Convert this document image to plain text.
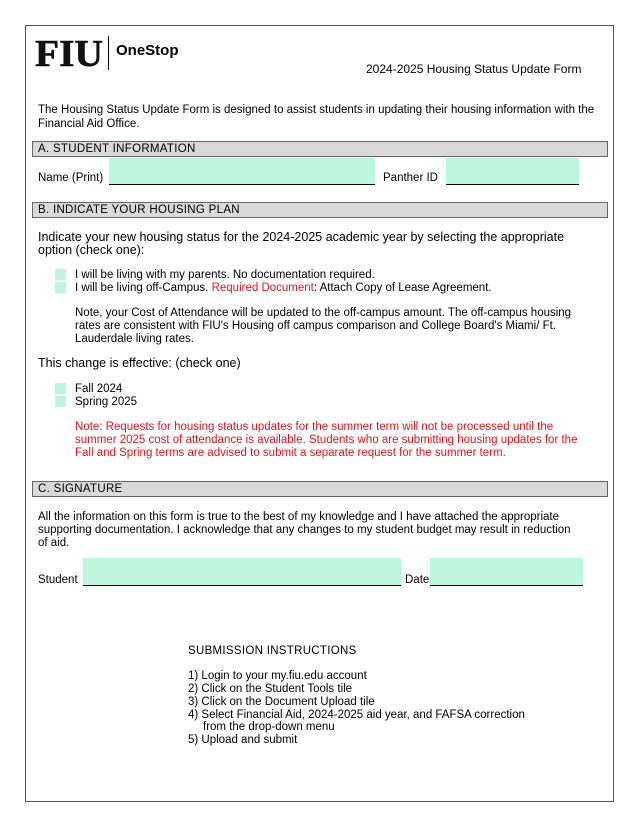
FIU OneStop
2024-2025 Housing Status Update Form
The Housing Status Update Form is designed to assist students in updating their housing information with the Financial Aid Office.
A. STUDENT INFORMATION
Name (Print)	Panther ID
B. INDICATE YOUR HOUSING PLAN
Indicate your new housing status for the 2024-2025 academic year by selecting the appropriate
option (check one):
I will be living with my parents. No documentation required.
I will be living off-Campus. Required Document: Attach Copy of Lease Agreement.
Note, your Cost of Attendance will be updated to the off-campus amount. The off-campus housing
rates are consistent with FIU's Housing off campus comparison and College Board's Miami/ Ft.
Lauderdale living rates.
This change is effective: (check one)
Fall 2024
Spring 2025
Note: Requests for housing status updates for the summer term will not be processed until the
summer 2025 cost of attendance is available. Students who are submitting housing updates for the
Fall and Spring terms are advised to submit a separate request for the summer term.
C. SIGNATURE
All the information on this form is true to the best of my knowledge and I have attached the appropriate
supporting documentation. I acknowledge that any changes to my student budget may result in reduction
of aid.
Student	Date
SUBMISSION INSTRUCTIONS
1) Login to your my.fiu.edu account
2) Click on the Student Tools tile
3) Click on the Document Upload tile
4) Select Financial Aid, 2024-2025 aid year, and FAFSA correction
from the drop-down menu
5) Upload and submit
